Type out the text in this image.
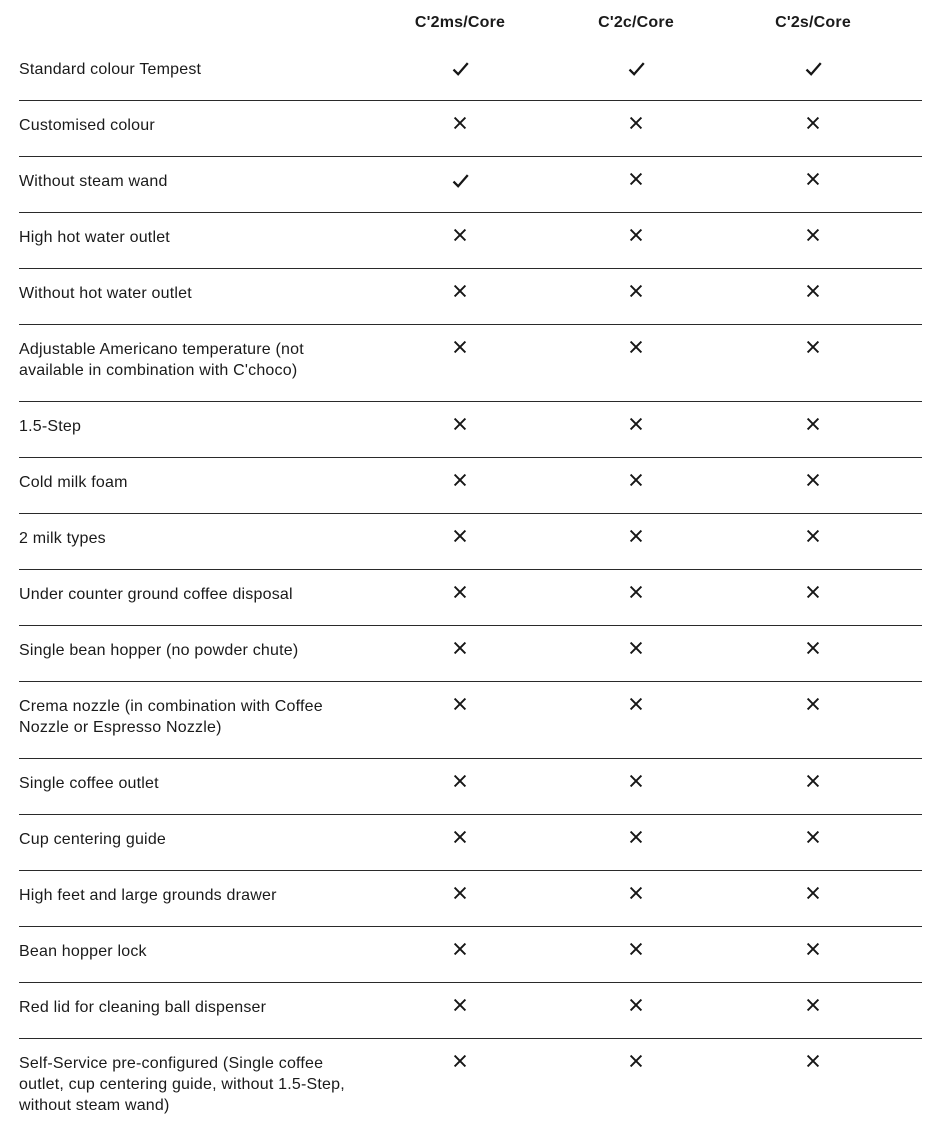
C'2ms/Core	C'2c/Core	C'2s/Core
Standard colour Tempest
Customised colour
Without steam wand
High hot water outlet
Without hot water outlet
Adjustable Americano temperature (not available in combination with C'choco)
1.5-Step
Cold milk foam
2 milk types
Under counter ground coffee disposal
Single bean hopper (no powder chute)
Crema nozzle (in combination with Coffee Nozzle or Espresso Nozzle)
Single coffee outlet
Cup centering guide
High feet and large grounds drawer
Bean hopper lock
Red lid for cleaning ball dispenser
Self-Service pre-configured (Single coffee outlet, cup centering guide, without 1.5-Step, without steam wand)
